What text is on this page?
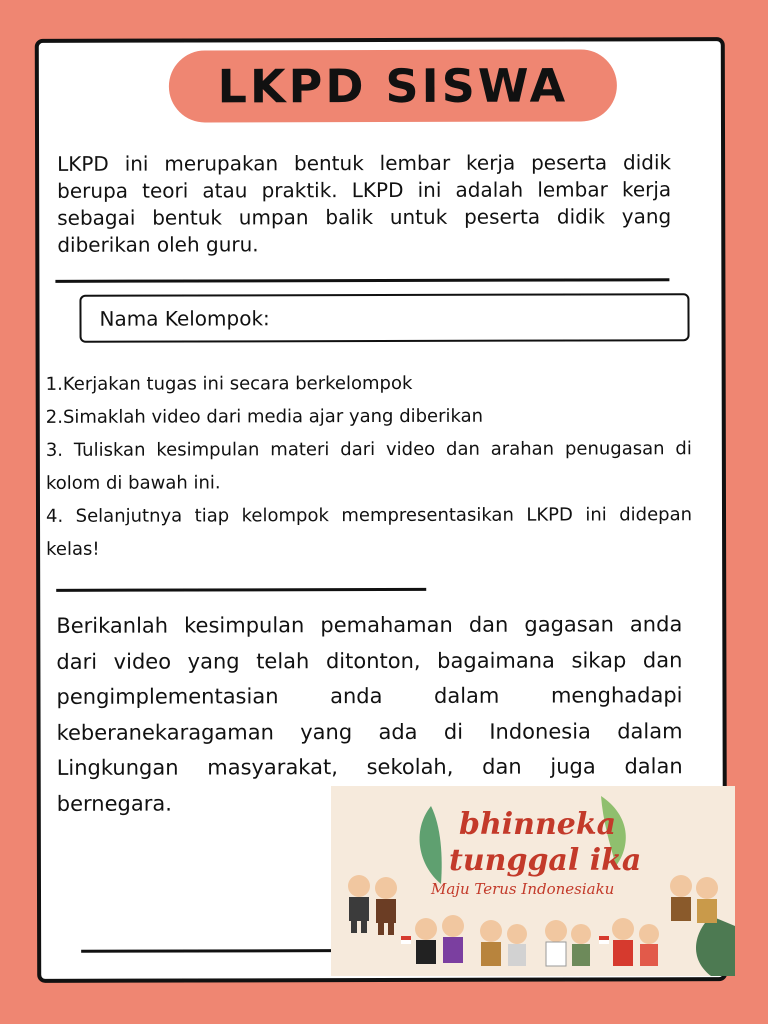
LKPD SISWA
LKPD ini merupakan bentuk lembar kerja peserta didik berupa teori atau praktik. LKPD ini adalah lembar kerja sebagai bentuk umpan balik untuk peserta didik yang diberikan oleh guru.
Nama Kelompok:
1.Kerjakan tugas ini secara berkelompok
2.Simaklah video dari media ajar yang diberikan
3. Tuliskan kesimpulan materi dari video dan arahan penugasan di kolom di bawah ini.
4. Selanjutnya tiap kelompok mempresentasikan LKPD ini didepan kelas!
Berikanlah kesimpulan pemahaman dan gagasan anda dari video yang telah ditonton, bagaimana sikap dan pengimplementasian anda dalam menghadapi keberanekaragaman yang ada di Indonesia dalam Lingkungan masyarakat, sekolah, dan juga dalan bernegara.
bhinneka
tunggal ika
Maju Terus Indonesiaku
